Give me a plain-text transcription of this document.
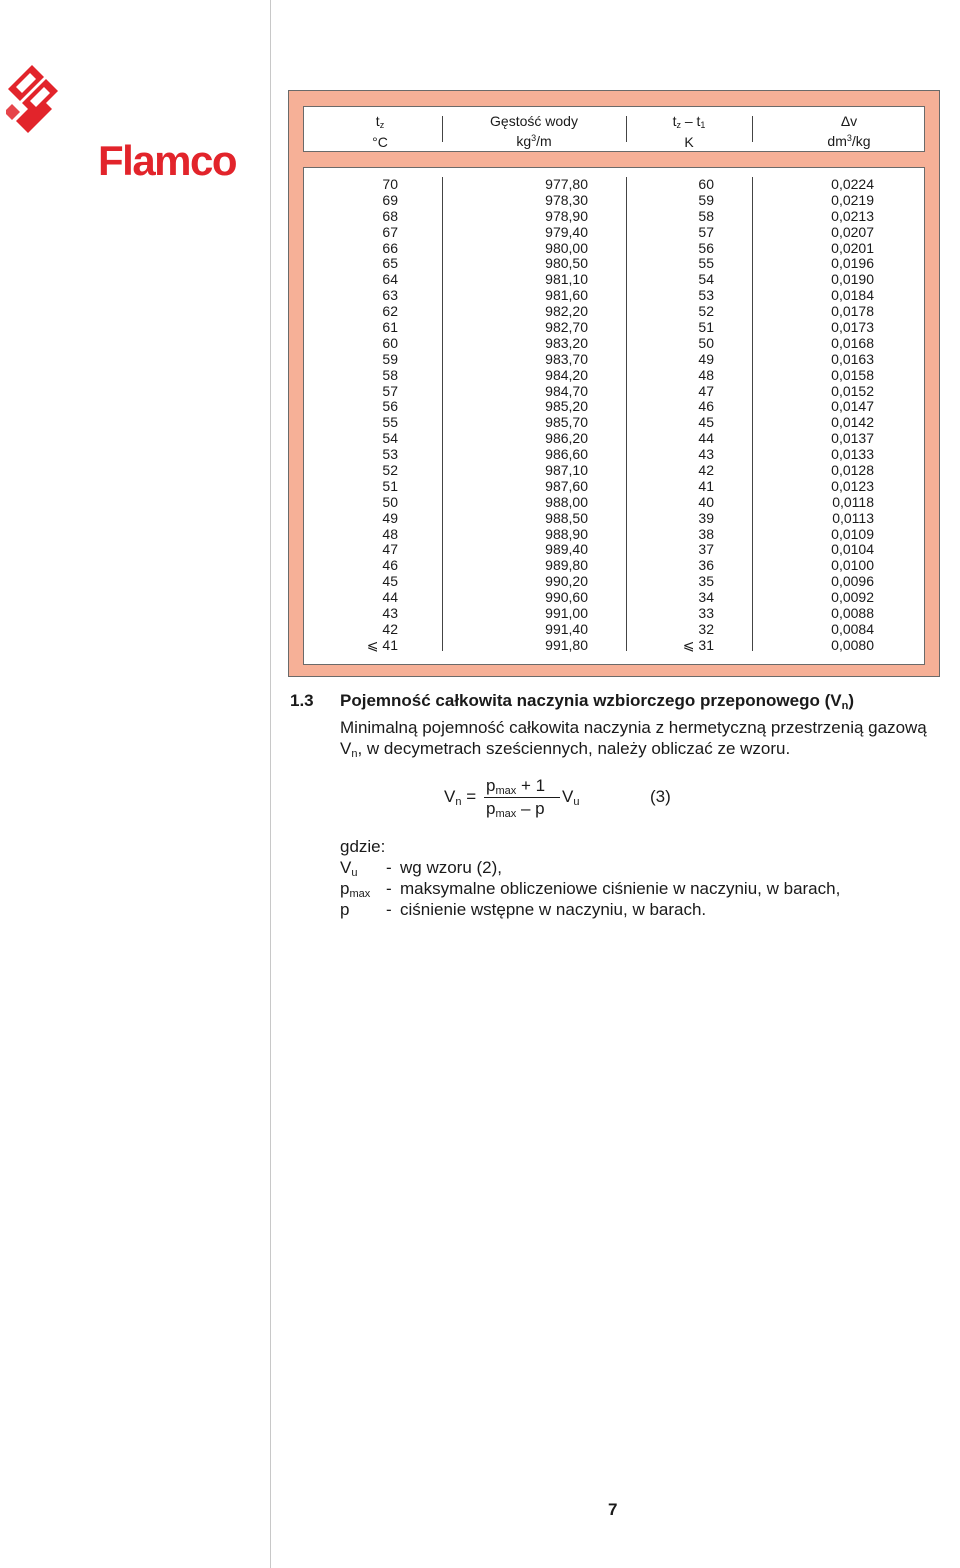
Flamco
$t_z$
°C
Gęstość wody
$kg^3/m$
$t_z - t_1$
K
Δv
$dm^3/kg$
70
69
68
67
66
65
64
63
62
61
60
59
58
57
56
55
54
53
52
51
50
49
48
47
46
45
44
43
42
⩽ 41
977,80
978,30
978,90
979,40
980,00
980,50
981,10
981,60
982,20
982,70
983,20
983,70
984,20
984,70
985,20
985,70
986,20
986,60
987,10
987,60
988,00
988,50
988,90
989,40
989,80
990,20
990,60
991,00
991,40
991,80
60
59
58
57
56
55
54
53
52
51
50
49
48
47
46
45
44
43
42
41
40
39
38
37
36
35
34
33
32
⩽ 31
0,0224
0,0219
0,0213
0,0207
0,0201
0,0196
0,0190
0,0184
0,0178
0,0173
0,0168
0,0163
0,0158
0,0152
0,0147
0,0142
0,0137
0,0133
0,0128
0,0123
0,0118
0,0113
0,0109
0,0104
0,0100
0,0096
0,0092
0,0088
0,0084
0,0080
1.3 Pojemność całkowita naczynia wzbiorczego przeponowego $(V_n)$
Minimalną pojemność całkowita naczynia z hermetyczną przestrzenią gazową $V_n$, w decymetrach sześciennych, należy obliczać ze wzoru.
$V_n$ =
$p_{max} + 1$
$p_{max}$ – p
$V_u$	(3)
gdzie:
$V_u$ - wg wzoru (2),
$p_{max}$ - maksymalne obliczeniowe ciśnienie w naczyniu, w barach,
p - ciśnienie wstępne w naczyniu, w barach.
7
